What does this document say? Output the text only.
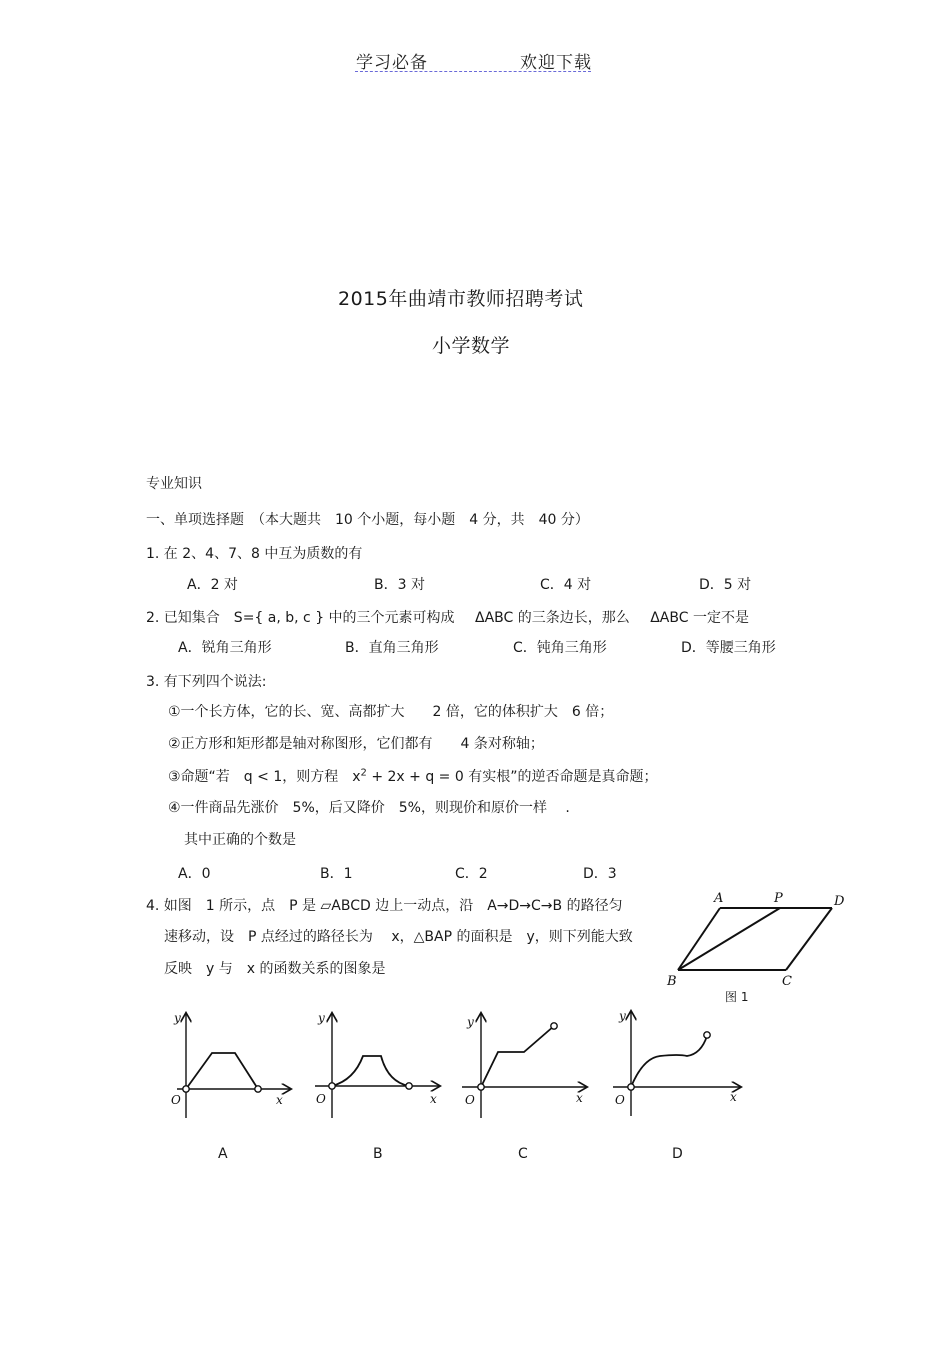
学习必备	欢迎下载
2015年曲靖市教师招聘考试
小学数学
专业知识
一、单项选择题　（本大题共　10 个小题，每小题　4 分，共　40 分）
1. 在 2、4、7、8 中互为质数的有
A．2 对	B．3 对	C．4 对	D．5 对
2. 已知集合　S={ a, b, c } 中的三个元素可构成 ΔABC 的三条边长，那么 ΔABC 一定不是
A．锐角三角形	B．直角三角形	C．钝角三角形	D．等腰三角形
3. 有下列四个说法:
①一个长方体，它的长、宽、高都扩大　　2 倍，它的体积扩大　6 倍；
②正方形和矩形都是轴对称图形，它们都有　　4 条对称轴；
③命题“若　q < 1，则方程　$x^2 + 2x + q = 0$ 有实根”的逆否命题是真命题；
④一件商品先涨价　5%，后又降价　5%，则现价和原价一样　 .
其中正确的个数是
A．0	B．1	C．2	D．3
4. 如图　1 所示，点　P 是 ▱ABCD 边上一动点，沿　A→D→C→B 的路径匀
速移动，设　P 点经过的路径长为　 x，△BAP 的面积是　y，则下列能大致
反映　y 与　x 的函数关系的图象是
A	P	D
B	C
图 1
y
x
O
y
x
O
y
x
O
y
x
O
A	B	C	D
